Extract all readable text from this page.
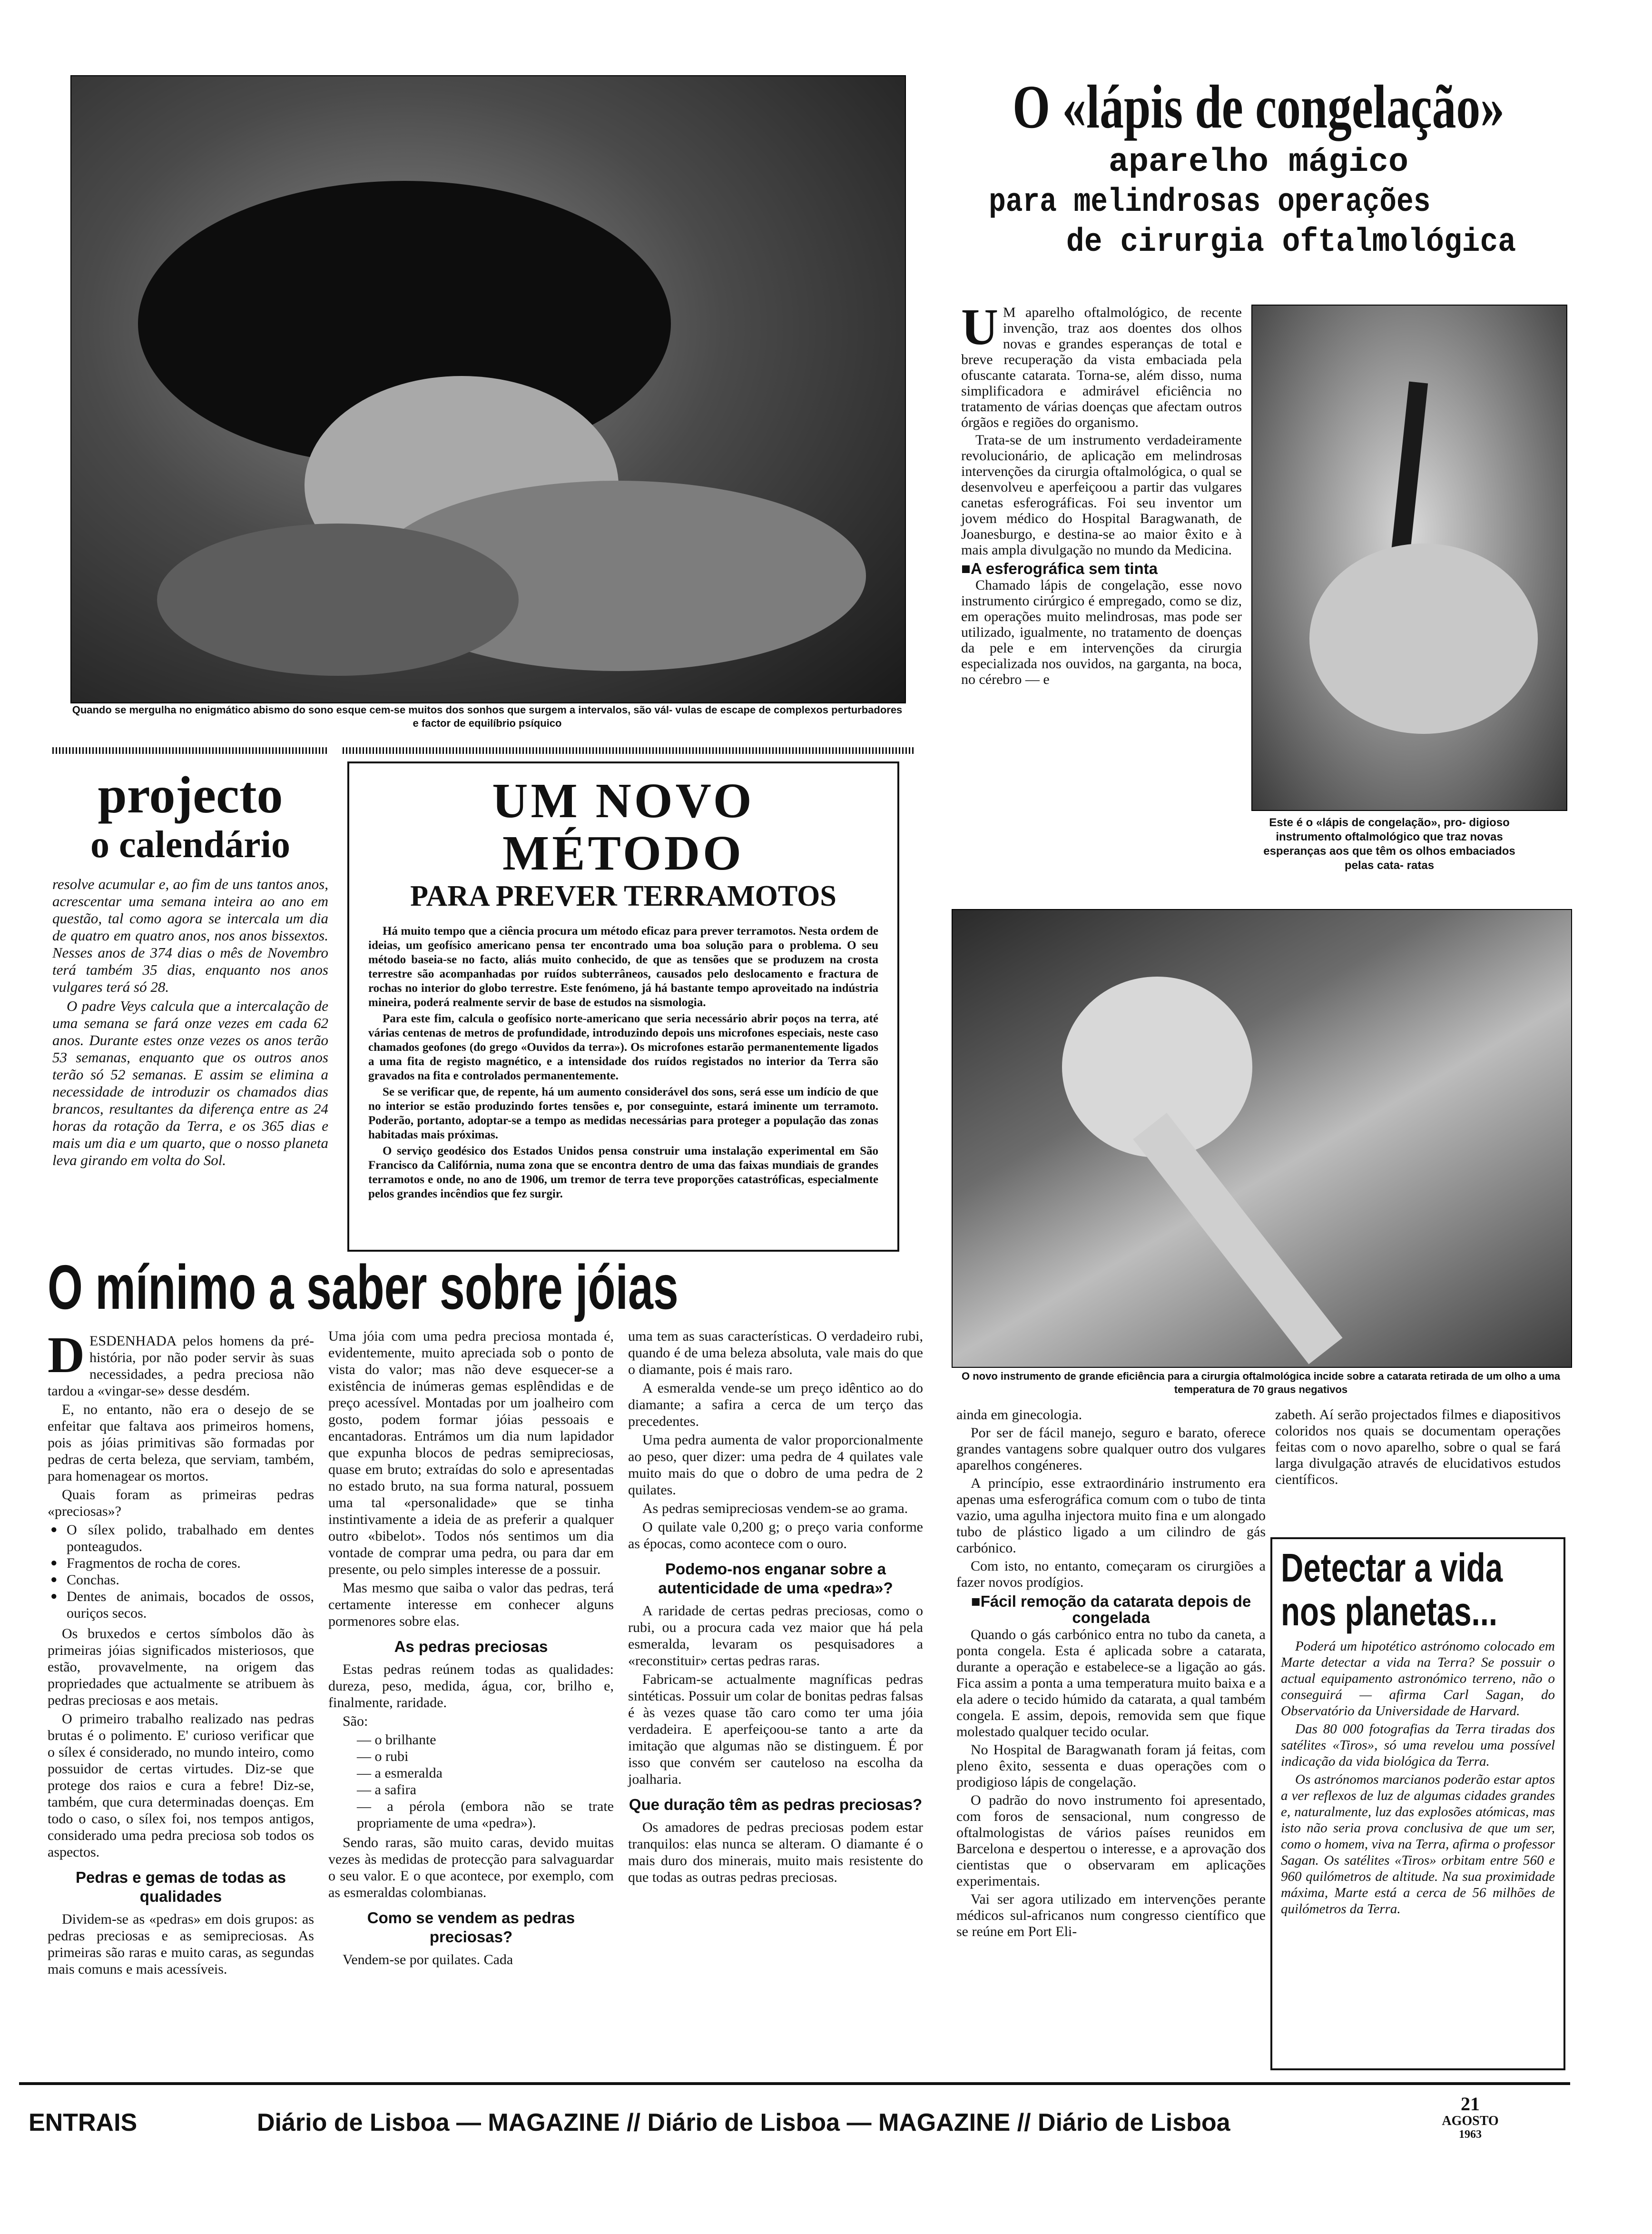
Quando se mergulha no enigmático abismo do sono esque cem-se muitos dos sonhos que surgem a intervalos, são vál- vulas de escape de complexos perturbadores e factor de equilíbrio psíquico
O «lápis de congelação»
aparelho mágico
para melindrosas operações
de cirurgia oftalmológica
U M aparelho oftalmológico, de recente invenção, traz aos doentes dos olhos novas e grandes esperanças de total e breve recuperação da vista embaciada pela ofuscante catarata. Torna-se, além disso, numa simplificadora e admirável eficiência no tratamento de várias doenças que afectam outros órgãos e regiões do organismo.

Trata-se de um instrumento verdadeiramente revolucionário, de aplicação em melindrosas intervenções da cirurgia oftalmológica, o qual se desenvolveu e aperfeiçoou a partir das vulgares canetas esferográficas. Foi seu inventor um jovem médico do Hospital Baragwanath, de Joanesburgo, e destina-se ao maior êxito e à mais ampla divulgação no mundo da Medicina.

■ A esferográfica sem tinta

Chamado lápis de congelação, esse novo instrumento cirúrgico é empregado, como se diz, em operações muito melindrosas, mas pode ser utilizado, igualmente, no tratamento de doenças da pele e em intervenções da cirurgia especializada nos ouvidos, na garganta, na boca, no cérebro — e

Este é o «lápis de congelação», pro- digioso instrumento oftalmológico que traz novas esperanças aos que têm os olhos embaciados pelas cata- ratas
O novo instrumento de grande eficiência para a cirurgia oftalmológica incide sobre a catarata retirada de um olho a uma temperatura de 70 graus negativos

ainda em ginecologia.

Por ser de fácil manejo, seguro e barato, oferece grandes vantagens sobre qualquer outro dos vulgares aparelhos congéneres.

A princípio, esse extraordinário instrumento era apenas uma esferográfica comum com o tubo de tinta vazio, uma agulha injectora muito fina e um alongado tubo de plástico ligado a um cilindro de gás carbónico.

Com isto, no entanto, começaram os cirurgiões a fazer novos prodígios.

■ Fácil remoção da catarata depois de congelada

Quando o gás carbónico entra no tubo da caneta, a ponta congela. Esta é aplicada sobre a catarata, durante a operação e estabelece-se a ligação ao gás. Fica assim a ponta a uma temperatura muito baixa e a ela adere o tecido húmido da catarata, a qual também congela. E assim, depois, removida sem que fique molestado qualquer tecido ocular.

No Hospital de Baragwanath foram já feitas, com pleno êxito, sessenta e duas operações com o prodigioso lápis de congelação.

O padrão do novo instrumento foi apresentado, com foros de sensacional, num congresso de oftalmologistas de vários países reunidos em Barcelona e despertou o interesse, e a aprovação dos cientistas que o observaram em aplicações experimentais.

Vai ser agora utilizado em intervenções perante médicos sul-africanos num congresso científico que se reúne em Port Eli-

zabeth. Aí serão projectados filmes e diapositivos coloridos nos quais se documentam operações feitas com o novo aparelho, sobre o qual se fará larga divulgação através de elucidativos estudos científicos.

Detectar a vida nos planetas...

Poderá um hipotético astrónomo colocado em Marte detectar a vida na Terra? Se possuir o actual equipamento astronómico terreno, não o conseguirá — afirma Carl Sagan, do Observatório da Universidade de Harvard.

Das 80 000 fotografias da Terra tiradas dos satélites «Tiros», só uma revelou uma possível indicação da vida biológica da Terra.

Os astrónomos marcianos poderão estar aptos a ver reflexos de luz de algumas cidades grandes e, naturalmente, luz das explosões atómicas, mas isto não seria prova conclusiva de que um ser, como o homem, viva na Terra, afirma o professor Sagan. Os satélites «Tiros» orbitam entre 560 e 960 quilómetros de altitude. Na sua proximidade máxima, Marte está a cerca de 56 milhões de quilómetros da Terra.

projecto
o calendário

resolve acumular e, ao fim de uns tantos anos, acrescentar uma semana inteira ao ano em questão, tal como agora se intercala um dia de quatro em quatro anos, nos anos bissextos. Nesses anos de 374 dias o mês de Novembro terá também 35 dias, enquanto nos anos vulgares terá só 28.

O padre Veys calcula que a intercalação de uma semana se fará onze vezes em cada 62 anos. Durante estes onze vezes os anos terão 53 semanas, enquanto que os outros anos terão só 52 semanas. E assim se elimina a necessidade de introduzir os chamados dias brancos, resultantes da diferença entre as 24 horas da rotação da Terra, e os 365 dias e mais um dia e um quarto, que o nosso planeta leva girando em volta do Sol.

UM NOVO MÉTODO
PARA PREVER TERRAMOTOS

Há muito tempo que a ciência procura um método eficaz para prever terramotos. Nesta ordem de ideias, um geofísico americano pensa ter encontrado uma boa solução para o problema. O seu método baseia-se no facto, aliás muito conhecido, de que as tensões que se produzem na crosta terrestre são acompanhadas por ruídos subterrâneos, causados pelo deslocamento e fractura de rochas no interior do globo terrestre. Este fenómeno, já há bastante tempo aproveitado na indústria mineira, poderá realmente servir de base de estudos na sismologia.

Para este fim, calcula o geofísico norte-americano que seria necessário abrir poços na terra, até várias centenas de metros de profundidade, introduzindo depois uns microfones especiais, neste caso chamados geofones (do grego «Ouvidos da terra»). Os microfones estarão permanentemente ligados a uma fita de registo magnético, e a intensidade dos ruídos registados no interior da Terra são gravados na fita e controlados permanentemente.

Se se verificar que, de repente, há um aumento considerável dos sons, será esse um indício de que no interior se estão produzindo fortes tensões e, por conseguinte, estará iminente um terramoto. Poderão, portanto, adoptar-se a tempo as medidas necessárias para proteger a população das zonas habitadas mais próximas.

O serviço geodésico dos Estados Unidos pensa construir uma instalação experimental em São Francisco da Califórnia, numa zona que se encontra dentro de uma das faixas mundiais de grandes terramotos e onde, no ano de 1906, um tremor de terra teve proporções catastróficas, especialmente pelos grandes incêndios que fez surgir.

O mínimo a saber sobre jóias
D ESDENHADA pelos homens da pré-história, por não poder servir às suas necessidades, a pedra preciosa não tardou a «vingar-se» desse desdém.

E, no entanto, não era o desejo de se enfeitar que faltava aos primeiros homens, pois as jóias primitivas são formadas por pedras de certa beleza, que serviam, também, para homenagear os mortos.

Quais foram as primeiras pedras «preciosas»?

● O sílex polido, trabalhado em dentes ponteagudos.
● Fragmentos de rocha de cores.
● Conchas.
● Dentes de animais, bocados de ossos, ouriços secos.

Os bruxedos e certos símbolos dão às primeiras jóias significados misteriosos, que estão, provavelmente, na origem das propriedades que actualmente se atribuem às pedras preciosas e aos metais.

O primeiro trabalho realizado nas pedras brutas é o polimento. E' curioso verificar que o sílex é considerado, no mundo inteiro, como possuidor de certas virtudes. Diz-se que protege dos raios e cura a febre! Diz-se, também, que cura determinadas doenças. Em todo o caso, o sílex foi, nos tempos antigos, considerado uma pedra preciosa sob todos os aspectos.

Pedras e gemas de todas as qualidades

Dividem-se as «pedras» em dois grupos: as pedras preciosas e as semipreciosas. As primeiras são raras e muito caras, as segundas mais comuns e mais acessíveis.

Uma jóia com uma pedra preciosa montada é, evidentemente, muito apreciada sob o ponto de vista do valor; mas não deve esquecer-se a existência de inúmeras gemas esplêndidas e de preço acessível. Montadas por um joalheiro com gosto, podem formar jóias pessoais e encantadoras. Entrámos um dia num lapidador que expunha blocos de pedras semipreciosas, quase em bruto; extraídas do solo e apresentadas no estado bruto, na sua forma natural, possuem uma tal «personalidade» que se tinha instintivamente a ideia de as preferir a qualquer outro «bibelot». Todos nós sentimos um dia vontade de comprar uma pedra, ou para dar em presente, ou pelo simples interesse de a possuir.

Mas mesmo que saiba o valor das pedras, terá certamente interesse em conhecer alguns pormenores sobre elas.

As pedras preciosas

Estas pedras reúnem todas as qualidades: dureza, peso, medida, água, cor, brilho e, finalmente, raridade.

São:

— o brilhante
— o rubi
— a esmeralda
— a safira
— a pérola (embora não se trate propriamente de uma «pedra»).

Sendo raras, são muito caras, devido muitas vezes às medidas de protecção para salvaguardar o seu valor. E o que acontece, por exemplo, com as esmeraldas colombianas.

Como se vendem as pedras preciosas?

Vendem-se por quilates. Cada

uma tem as suas características. O verdadeiro rubi, quando é de uma beleza absoluta, vale mais do que o diamante, pois é mais raro.

A esmeralda vende-se um preço idêntico ao do diamante; a safira a cerca de um terço das precedentes.

Uma pedra aumenta de valor proporcionalmente ao peso, quer dizer: uma pedra de 4 quilates vale muito mais do que o dobro de uma pedra de 2 quilates.

As pedras semipreciosas vendem-se ao grama.

O quilate vale 0,200 g; o preço varia conforme as épocas, como acontece com o ouro.

Podemo-nos enganar sobre a autenticidade de uma «pedra»?

A raridade de certas pedras preciosas, como o rubi, ou a procura cada vez maior que há pela esmeralda, levaram os pesquisadores a «reconstituir» certas pedras raras.

Fabricam-se actualmente magníficas pedras sintéticas. Possuir um colar de bonitas pedras falsas é às vezes quase tão caro como ter uma jóia verdadeira. E aperfeiçoou-se tanto a arte da imitação que algumas não se distinguem. É por isso que convém ser cauteloso na escolha da joalharia.

Que duração têm as pedras preciosas?

Os amadores de pedras preciosas podem estar tranquilos: elas nunca se alteram. O diamante é o mais duro dos minerais, muito mais resistente do que todas as outras pedras preciosas.

ENTRAIS	Diário de Lisboa — MAGAZINE // Diário de Lisboa — MAGAZINE // Diário de Lisboa
21
AGOSTO
1963
